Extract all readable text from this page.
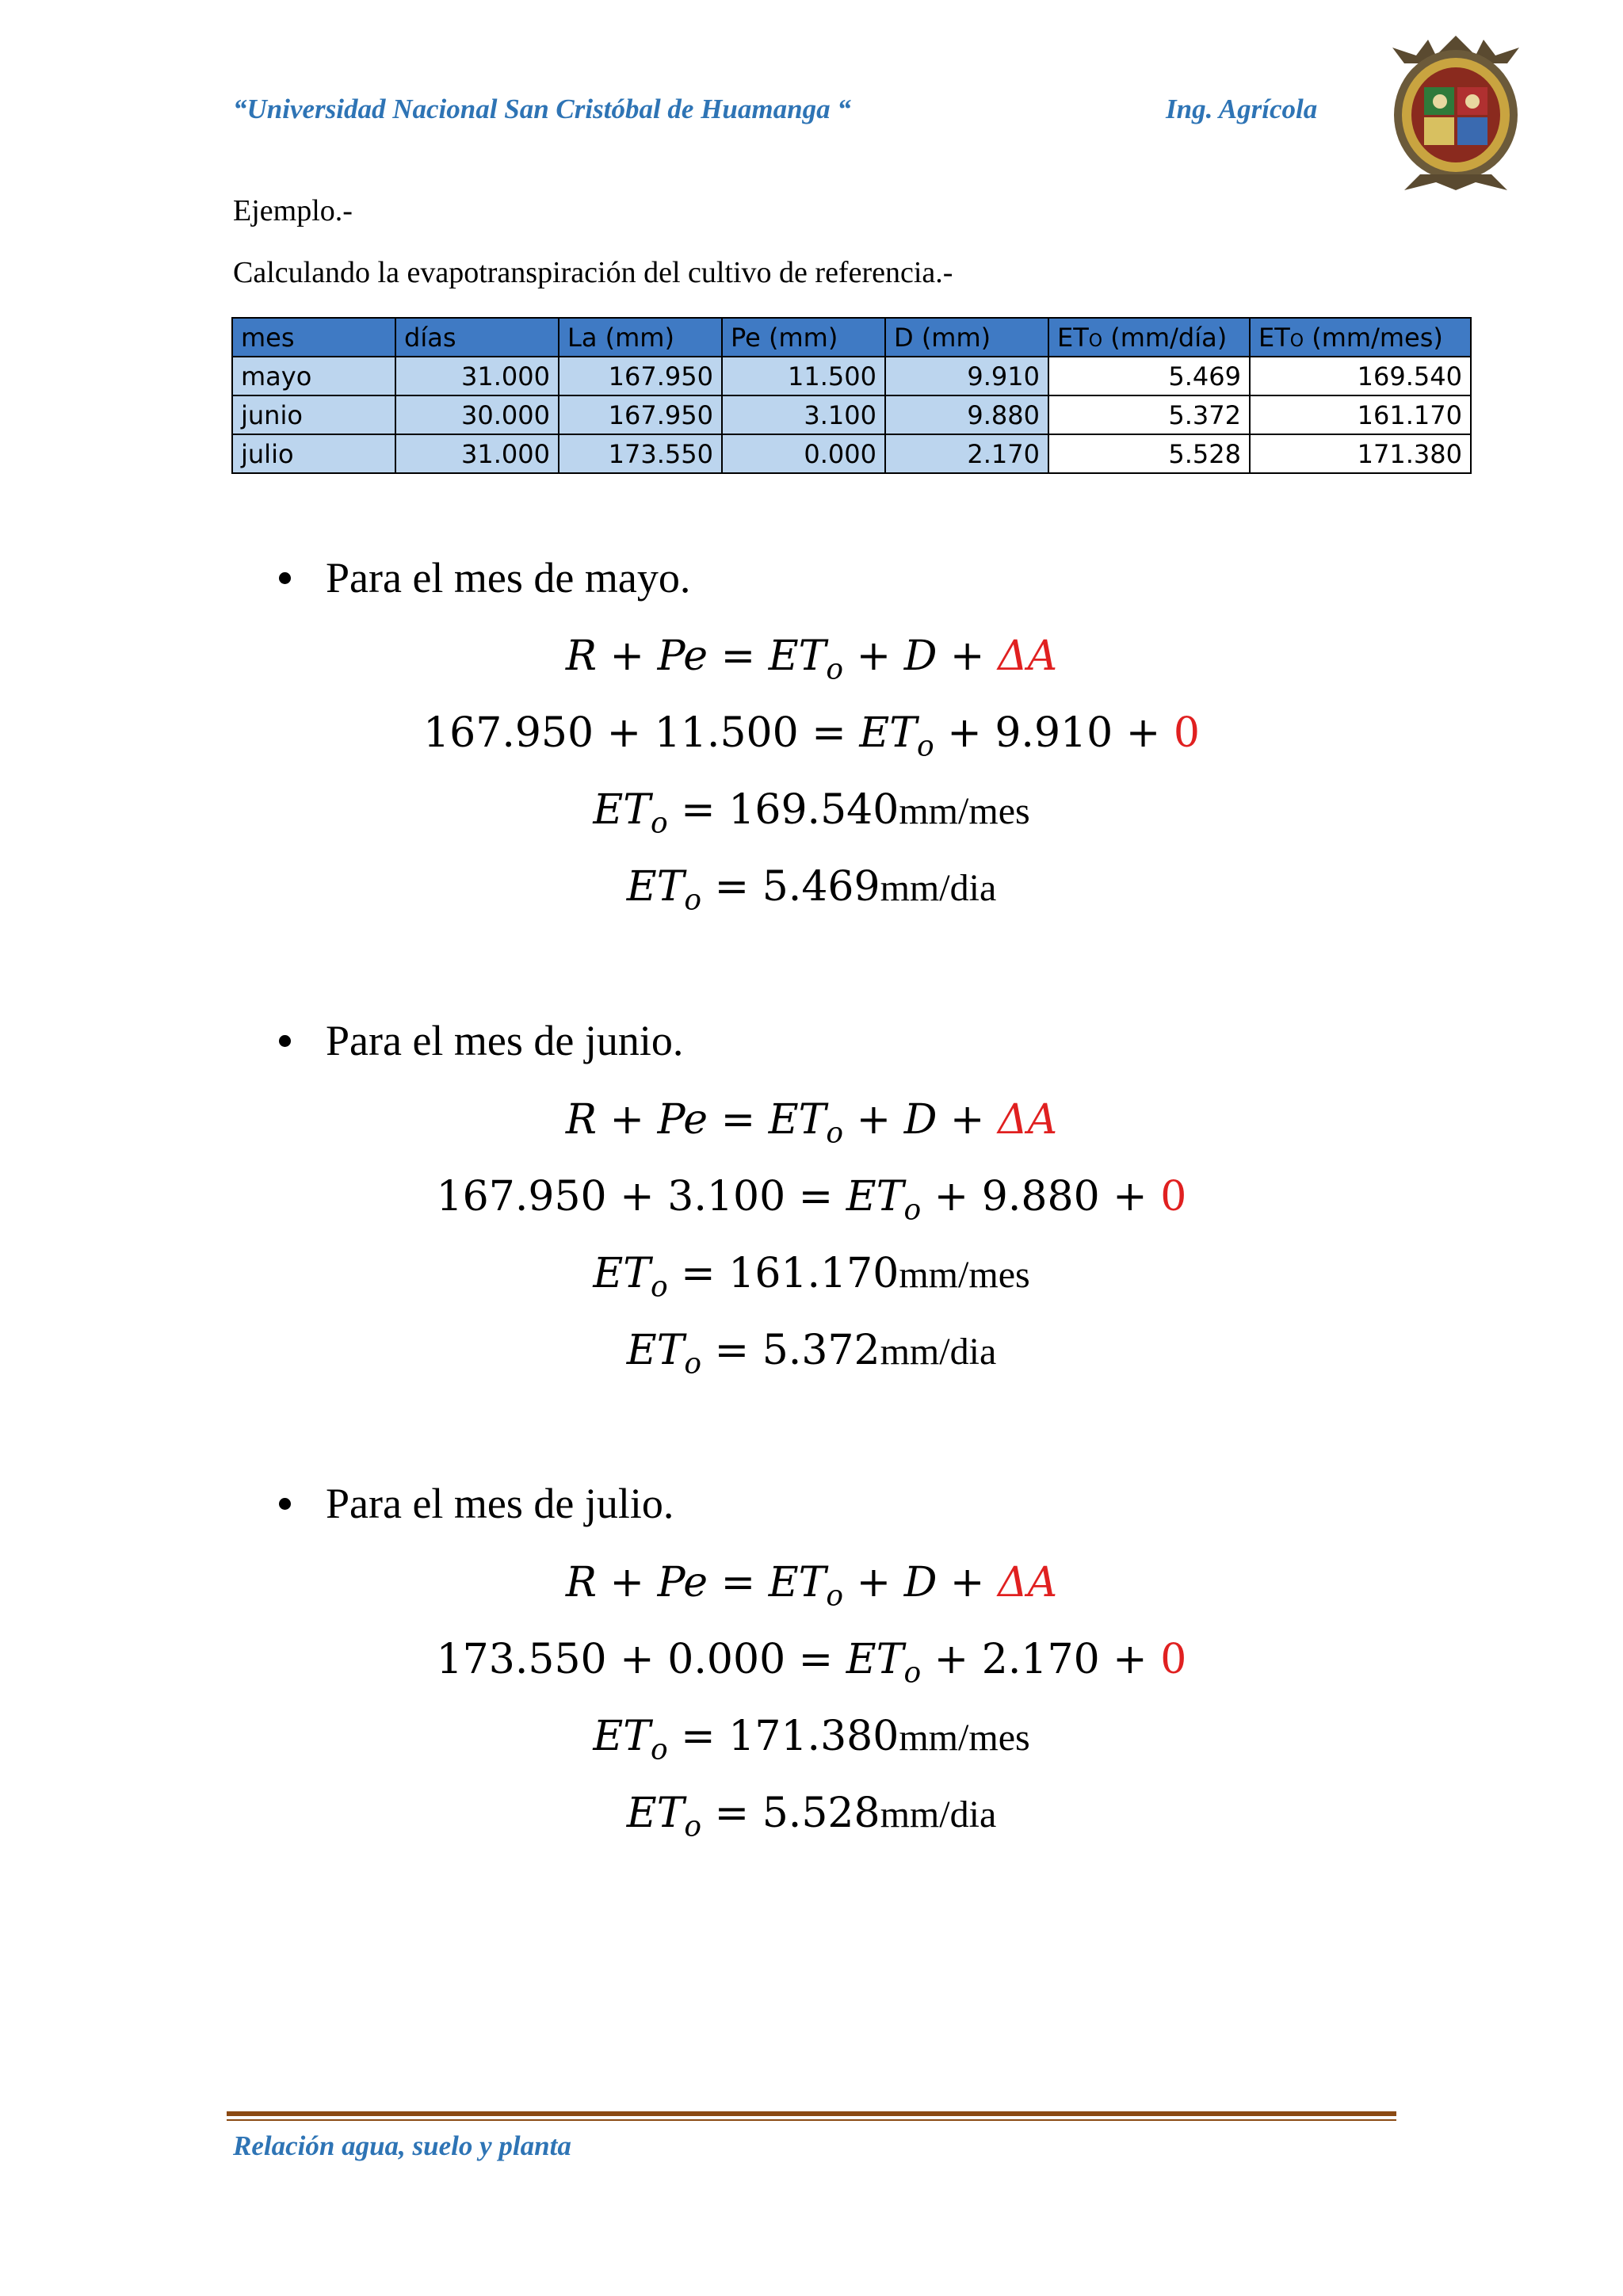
“Universidad Nacional San Cristóbal de Huamanga “	Ing. Agrícola
Ejemplo.-
Calculando la evapotranspiración del cultivo de referencia.-
mes	días	La (mm)	Pe (mm)	D (mm)	ETO (mm/día)	ETO (mm/mes)
mayo	31.000	167.950	11.500	9.910	5.469	169.540
junio	30.000	167.950	3.100	9.880	5.372	161.170
julio	31.000	173.550	0.000	2.170	5.528	171.380
Para el mes de mayo.
$R + Pe = ET_o + D + \Delta A$
$167.950 + 11.500 = ET_o + 9.910 + 0$
$ET_o = 169.540mm/mes$
$ET_o = 5.469mm/dia$
Para el mes de junio.
$R + Pe = ET_o + D + \Delta A$
$167.950 + 3.100 = ET_o + 9.880 + 0$
$ET_o = 161.170mm/mes$
$ET_o = 5.372mm/dia$
Para el mes de julio.
$R + Pe = ET_o + D + \Delta A$
$173.550 + 0.000 = ET_o + 2.170 + 0$
$ET_o = 171.380mm/mes$
$ET_o = 5.528mm/dia$
Relación agua, suelo y planta
